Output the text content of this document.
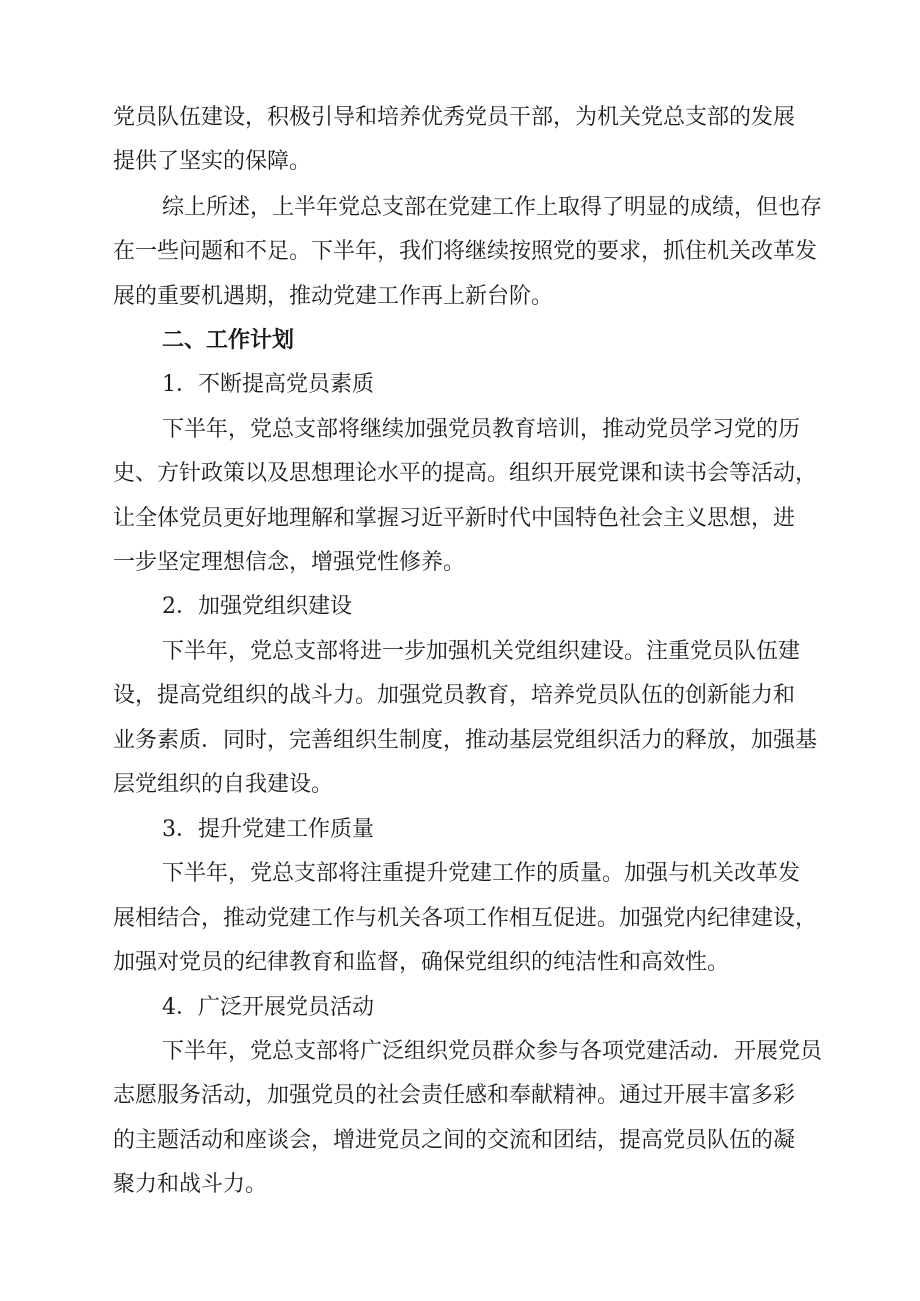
党员队伍建设，积极引导和培养优秀党员干部，为机关党总支部的发展
提供了坚实的保障。
综上所述，上半年党总支部在党建工作上取得了明显的成绩，但也存
在一些问题和不足。下半年，我们将继续按照党的要求，抓住机关改革发
展的重要机遇期，推动党建工作再上新台阶。
二、工作计划
1．不断提高党员素质
下半年，党总支部将继续加强党员教育培训，推动党员学习党的历
史、方针政策以及思想理论水平的提高。组织开展党课和读书会等活动，
让全体党员更好地理解和掌握习近平新时代中国特色社会主义思想，进
一步坚定理想信念，增强党性修养。
2．加强党组织建设
下半年，党总支部将进一步加强机关党组织建设。注重党员队伍建
设，提高党组织的战斗力。加强党员教育，培养党员队伍的创新能力和
业务素质．同时，完善组织生制度，推动基层党组织活力的释放，加强基
层党组织的自我建设。
3．提升党建工作质量
下半年，党总支部将注重提升党建工作的质量。加强与机关改革发
展相结合，推动党建工作与机关各项工作相互促进。加强党内纪律建设，
加强对党员的纪律教育和监督，确保党组织的纯洁性和高效性。
4．广泛开展党员活动
下半年，党总支部将广泛组织党员群众参与各项党建活动．开展党员
志愿服务活动，加强党员的社会责任感和奉献精神。通过开展丰富多彩
的主题活动和座谈会，增进党员之间的交流和团结，提高党员队伍的凝
聚力和战斗力。
